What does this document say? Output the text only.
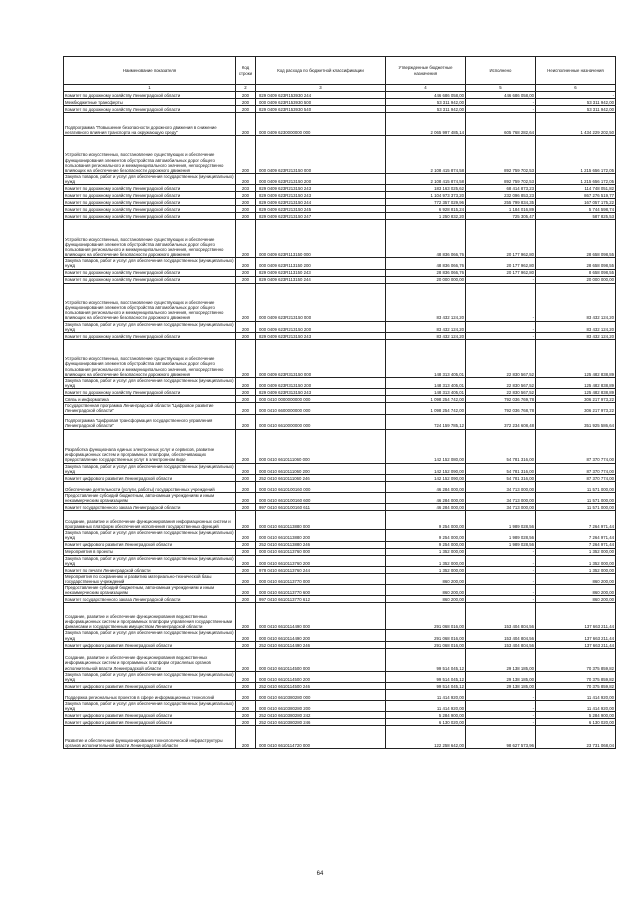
Наименование показателя	Код строки	Код расхода по бюджетной классификации	Утвержденные бюджетные назначения	Исполнено	Неисполненные назначения
1	2	3	4	5	6
Комитет по дорожному хозяйству Ленинградской области	200	829 0409 623R153930 244	446 686 058,00	446 686 058,00	-
Межбюджетные трансферты	200	000 0409 623R153930 500	53 311 942,00	-	53 311 942,00
Комитет по дорожному хозяйству Ленинградской области	200	829 0409 623R153930 540	53 311 942,00	-	53 311 942,00
Подпрограмма "Повышение безопасности дорожного движения в снижение негативного влияния транспорта на окружающую среду"	200	000 0409 6230000000 000	2 065 997 485,14	605 768 282,64	1 434 229 202,50
Устройство искусственных, восстановление существующих и обеспечение функционирования элементов обустройства автомобильных дорог общего пользования регионального и межмуниципального значения, непосредственно влияющих на обеспечение безопасности дорожного движения	200	000 0409 623R213150 000	2 108 415 874,58	892 759 702,53	1 215 656 172,05
Закупка товаров, работ и услуг для обеспечения государственных (муниципальных) нужд	200	000 0409 623R213150 200	2 108 415 874,58	892 759 702,53	1 215 656 172,05
Комитет по дорожному хозяйству Ленинградской области	203	829 0409 623R213150 243	183 163 025,62	68 414 873,23	114 748 051,82
Комитет по дорожному хозяйству Ленинградской области	200	829 0409 623R213150 243	1 104 973 373,20	232 096 853,23	867 276 519,77
Комитет по дорожному хозяйству Ленинградской области	200	829 0409 623R213150 244	772 357 029,96	255 799 834,35	167 057 175,22
Комитет по дорожному хозяйству Ленинградской области	200	829 0409 623R213150 245	6 928 815,24	1 184 016,89	5 744 598,74
Комитет по дорожному хозяйству Ленинградской области	200	829 0409 623R213150 247	1 250 832,20	725 305,47	587 825,53
Устройство искусственных, восстановление существующих и обеспечение функционирования элементов обустройства автомобильных дорог общего пользования регионального и межмуниципального значения, непосредственно влияющих на обеспечение безопасности дорожного движения	200	000 0409 623R113150 000	48 836 066,76	20 177 962,80	28 658 098,55
Закупка товаров, работ и услуг для обеспечения государственных (муниципальных) нужд	200	000 0409 623R113150 200	48 836 066,76	20 177 962,80	28 658 098,55
Комитет по дорожному хозяйству Ленинградской области	200	829 0409 623R113150 243	28 836 066,76	20 177 962,80	8 658 098,55
Комитет по дорожному хозяйству Ленинградской области	200	829 0409 623R113150 244	20 000 000,00	-	20 000 000,00
Устройство искусственных, восстановление существующих и обеспечение функционирования элементов обустройства автомобильных дорог общего пользования регионального и межмуниципального значения, непосредственно влияющих на обеспечение безопасности дорожного движения	200	000 0409 623R213150 000	83 432 124,20	-	83 432 124,20
Закупка товаров, работ и услуг для обеспечения государственных (муниципальных) нужд	200	000 0409 623R213150 200	83 432 124,20	-	83 432 124,20
Комитет по дорожному хозяйству Ленинградской области	200	829 0409 623R213150 243	83 432 124,20	-	83 432 124,20
Устройство искусственных, восстановление существующих и обеспечение функционирования элементов обустройства автомобильных дорог общего пользования регионального и межмуниципального значения, непосредственно влияющих на обеспечение безопасности дорожного движения	200	000 0409 623R313150 000	148 313 405,01	22 830 567,52	125 482 838,89
Закупка товаров, работ и услуг для обеспечения государственных (муниципальных) нужд	200	000 0409 623R313150 200	148 313 405,01	22 830 567,52	125 482 838,89
Комитет по дорожному хозяйству Ленинградской области	200	829 0409 623R313150 243	148 313 405,01	22 830 567,52	125 482 838,89
Связь и информатика	200	000 0410 0000000000 000	1 098 254 742,00	792 036 769,78	306 217 973,22
Государственная программа Ленинградской области "Цифровое развитие Ленинградской области"	200	000 0410 6600000000 000	1 098 254 742,00	792 036 768,78	306 217 973,22
Подпрограмма "Цифровая трансформация государственного управления Ленинградской области"	200	000 0410 6610000000 000	724 159 785,12	372 234 608,48	351 925 586,64
Разработка функционала единых электронных услуг и сервисов, развитие информационных систем и программных платформ, обеспечивающих предоставление государственных услуг в электронном виде	200	000 0410 6610111060 000	142 152 080,00	54 781 316,00	87 370 774,00
Закупка товаров, работ и услуг для обеспечения государственных (муниципальных) нужд	200	000 0410 6610111060 200	142 152 090,00	54 781 316,00	87 370 774,00
Комитет цифрового развития Ленинградской области	200	252 0410 6610111060 246	142 152 090,00	54 781 316,00	87 370 774,00
Обеспечение деятельности (услуги, работы) государственных учреждений	200	000 0410 6610100160 000	46 284 000,00	34 713 000,00	11 571 000,00
Предоставление субсидий бюджетным, автономным учреждениям и иным некоммерческим организациям	200	000 0410 6610100160 600	46 284 000,00	34 713 000,00	11 571 000,00
Комитет государственного заказа Ленинградской области	200	997 0410 6610100160 611	46 284 000,00	34 713 000,00	11 571 000,00
Создание, развитие и обеспечение функционирования информационных систем и программных платформ обеспечения исполнения государственных функций	200	000 0410 6610113880 000	9 254 000,00	1 989 028,56	7 264 971,44
Закупка товаров, работ и услуг для обеспечения государственных (муниципальных) нужд	200	000 0410 6610113880 200	9 254 000,00	1 989 028,56	7 264 971,44
Комитет цифрового развития Ленинградской области	200	252 0410 6610113880 246	9 254 000,00	1 989 028,56	7 264 971,44
Мероприятия в проекты	200	000 0410 6610113760 000	1 352 000,00	-	1 352 000,00
Закупка товаров, работ и услуг для обеспечения государственных (муниципальных) нужд	200	000 0410 6610113760 200	1 352 000,00	-	1 352 000,00
Комитет по печати Ленинградской области	200	978 0410 6610113760 244	1 352 000,00	-	1 352 000,00
Мероприятия по сохранению и развитию материально-технической базы государственных учреждений	200	000 0410 6610113770 000	860 200,00	-	860 200,00
Предоставление субсидий бюджетным, автономным учреждениям и иным некоммерческим организациям	200	000 0410 6610113770 600	860 200,00	-	860 200,00
Комитет государственного заказа Ленинградской области	200	997 0410 6610113770 612	860 200,00	-	860 200,00
Создание, развитие и обеспечение функционирования ведомственных информационных систем и программных платформ управления государственными финансами и государственным имуществом Ленинградской области	200	000 0410 6610114490 000	291 068 016,00	153 404 804,56	137 663 211,44
Закупка товаров, работ и услуг для обеспечения государственных (муниципальных) нужд	200	000 0410 6610114490 200	291 068 016,00	153 404 804,56	137 663 211,44
Комитет цифрового развития Ленинградской области	200	252 0410 6610114490 246	291 068 016,00	153 404 804,56	137 663 211,44
Создание, развитие и обеспечение функционирования ведомственных информационных систем и программных платформ отраслевых органов исполнительной власти Ленинградской области	200	000 0410 6610114500 000	99 514 045,12	29 138 185,00	70 375 859,82
Закупка товаров, работ и услуг для обеспечения государственных (муниципальных) нужд	200	000 0410 6610114500 200	99 514 045,12	29 138 185,00	70 375 859,82
Комитет цифрового развития Ленинградской области	200	252 0410 6610114500 246	99 514 045,12	29 138 185,00	70 375 859,82
Поддержка региональных проектов в сфере информационных технологий	200	000 0410 6610380280 000	11 414 920,00	-	11 414 920,00
Закупка товаров, работ и услуг для обеспечения государственных (муниципальных) нужд	200	000 0410 6610380280 200	11 414 920,00	-	11 414 920,00
Комитет цифрового развития Ленинградской области	200	252 0410 6610380280 242	5 284 900,00	-	5 284 900,00
Комитет цифрового развития Ленинградской области	200	252 0410 6610380280 246	6 130 020,00	-	6 130 020,00
Развитие и обеспечение функционирования технологической инфраструктуры органов исполнительной власти Ленинградской области	200	000 0410 6610114720 000	122 258 642,00	98 627 573,96	23 731 068,04
64
